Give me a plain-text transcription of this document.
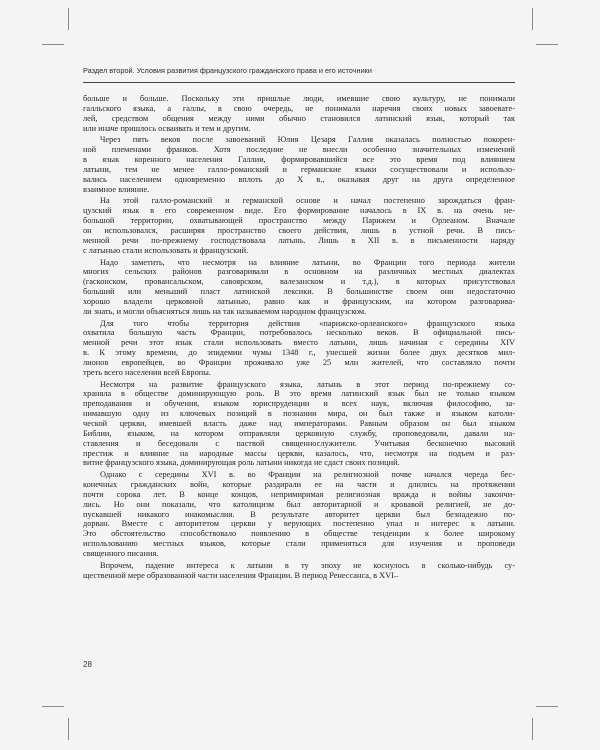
Раздел второй. Условия развития французского гражданского права и его источники
больше и больше. Поскольку эти пришлые люди, имевшие свою культуру, не понимали
галльского языка, а галлы, в свою очередь, не понимали наречия своих новых завоевате-
лей, средством общения между ними обычно становился латинский язык, который так
или иначе пришлось осваивать и тем и другим.
Через пять веков после завоеваний Юлия Цезаря Галлия оказалась полностью покорен-
ной племенами франков. Хотя последние не внесли особенно значительных изменений
в язык коренного населения Галлии, формировавшийся все это время под влиянием
латыни, тем не менее галло-романский и германские языки сосуществовали и использо-
вались населением одновременно вплоть до X в., оказывая друг на друга определенное
взаимное влияние.
На этой галло-романский и германской основе и начал постепенно зарождаться фран-
цузский язык в его современном виде. Его формирование началось в IX в. на очень не-
большой территории, охватывающей пространство между Парижем и Орлеаном. Вначале
он использовался, расширяя пространство своего действия, лишь в устной речи. В пись-
менной речи по-прежнему господствовала латынь. Лишь в XII в. в письменности наряду
с латынью стали использовать и французский.
Надо заметить, что несмотря на влияние латыни, во Франции того периода жители
многих сельских районов разговаривали в основном на различных местных диалектах
(гасконском, провансальском, савоярском, валезанском и т.д.), в которых присутствовал
больший или меньший пласт латинской лексики. В большинстве своем они недостаточно
хорошо владели церковной латынью, равно как и французским, на котором разговарива-
ли знать, и могли объясняться лишь на так называемом народном французском.
Для того чтобы территория действия «парижско-орлеанского» французского языка
охватила большую часть Франции, потребовалось несколько веков. В официальной пись-
менной речи этот язык стали использовать вместо латыни, лишь начиная с середины XIV
в. К этому времени, до эпидемии чумы 1348 г., унесшей жизни более двух десятков мил-
лионов европейцев, во Франции проживало уже 25 млн жителей, что составляло почти
треть всего населения всей Европы.
Несмотря на развитие французского языка, латынь в этот период по-прежнему со-
храняла в обществе доминирующую роль. В это время латинский язык был не только языком
преподавания и обучения, языком юриспруденции и всех наук, включая философию, за-
нимавшую одну из ключевых позиций в познании мира, он был также и языком католи-
ческой церкви, имевшей власть даже над императорами. Равным образом он был языком
Библии, языком, на котором отправляли церковную службу, проповедовали, давали на-
ставления и беседовали с паствой священнослужители. Учитывая бесконечно высокий
престиж и влияние на народные массы церкви, казалось, что, несмотря на подъем и раз-
витие французского языка, доминирующая роль латыни никогда не сдаст своих позиций.
Однако с середины XVI в. во Франции на религиозной почве начался череда бес-
конечных гражданских войн, которые раздирали ее на части и длились на протяжении
почти сорока лет. В конце концов, непримиримая религиозная вражда и войны закончи-
лись. Но они показали, что католицизм был авторитарной и кровавой религией, не до-
пускавшей никакого инакомыслия. В результате авторитет церкви был безнадежно по-
дорван. Вместе с авторитетом церкви у верующих постепенно упал и интерес к латыни.
Это обстоятельство способствовало появлению в обществе тенденции к более широкому
использованию местных языков, которые стали применяться для изучения и проповеди
священного писания.
Впрочем, падение интереса к латыни в ту эпоху не коснулось в сколько-нибудь су-
щественной мере образованной части населения Франции. В период Ренессанса, в XVI–
28
